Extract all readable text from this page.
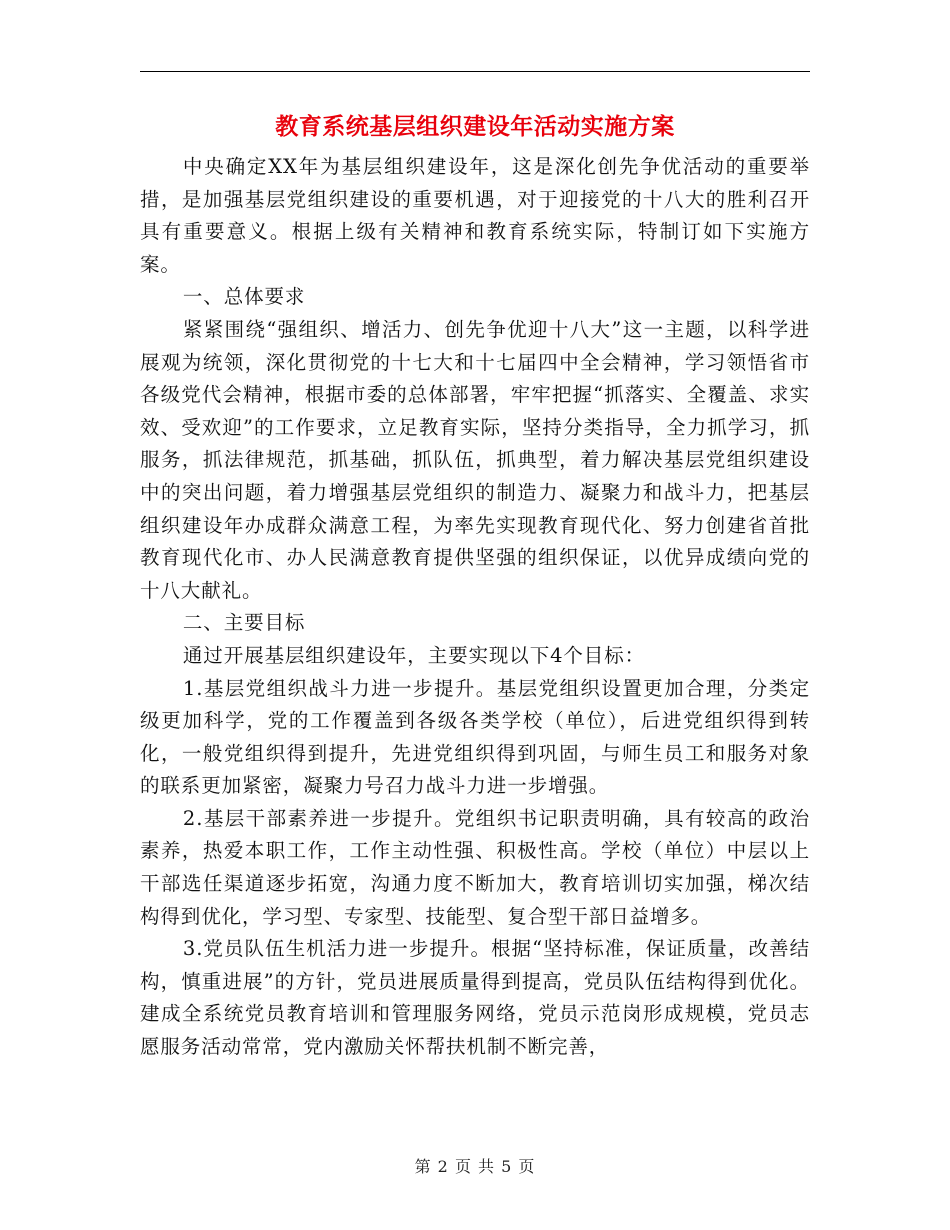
教育系统基层组织建设年活动实施方案

中央确定XX年为基层组织建设年，这是深化创先争优活动的重要举措，是加强基层党组织建设的重要机遇，对于迎接党的十八大的胜利召开具有重要意义。根据上级有关精神和教育系统实际，特制订如下实施方案。

一、总体要求

紧紧围绕“强组织、增活力、创先争优迎十八大”这一主题，以科学进展观为统领，深化贯彻党的十七大和十七届四中全会精神，学习领悟省市各级党代会精神，根据市委的总体部署，牢牢把握“抓落实、全覆盖、求实效、受欢迎”的工作要求，立足教育实际，坚持分类指导，全力抓学习，抓服务，抓法律规范，抓基础，抓队伍，抓典型，着力解决基层党组织建设中的突出问题，着力增强基层党组织的制造力、凝聚力和战斗力，把基层组织建设年办成群众满意工程，为率先实现教育现代化、努力创建省首批教育现代化市、办人民满意教育提供坚强的组织保证，以优异成绩向党的十八大献礼。

二、主要目标

通过开展基层组织建设年，主要实现以下4个目标：

1.基层党组织战斗力进一步提升。基层党组织设置更加合理，分类定级更加科学，党的工作覆盖到各级各类学校（单位），后进党组织得到转化，一般党组织得到提升，先进党组织得到巩固，与师生员工和服务对象的联系更加紧密，凝聚力号召力战斗力进一步增强。

2.基层干部素养进一步提升。党组织书记职责明确，具有较高的政治素养，热爱本职工作，工作主动性强、积极性高。学校（单位）中层以上干部选任渠道逐步拓宽，沟通力度不断加大，教育培训切实加强，梯次结构得到优化，学习型、专家型、技能型、复合型干部日益增多。

3.党员队伍生机活力进一步提升。根据“坚持标准，保证质量，改善结构，慎重进展”的方针，党员进展质量得到提高，党员队伍结构得到优化。建成全系统党员教育培训和管理服务网络，党员示范岗形成规模，党员志愿服务活动常常，党内激励关怀帮扶机制不断完善，

第 2 页 共 5 页
